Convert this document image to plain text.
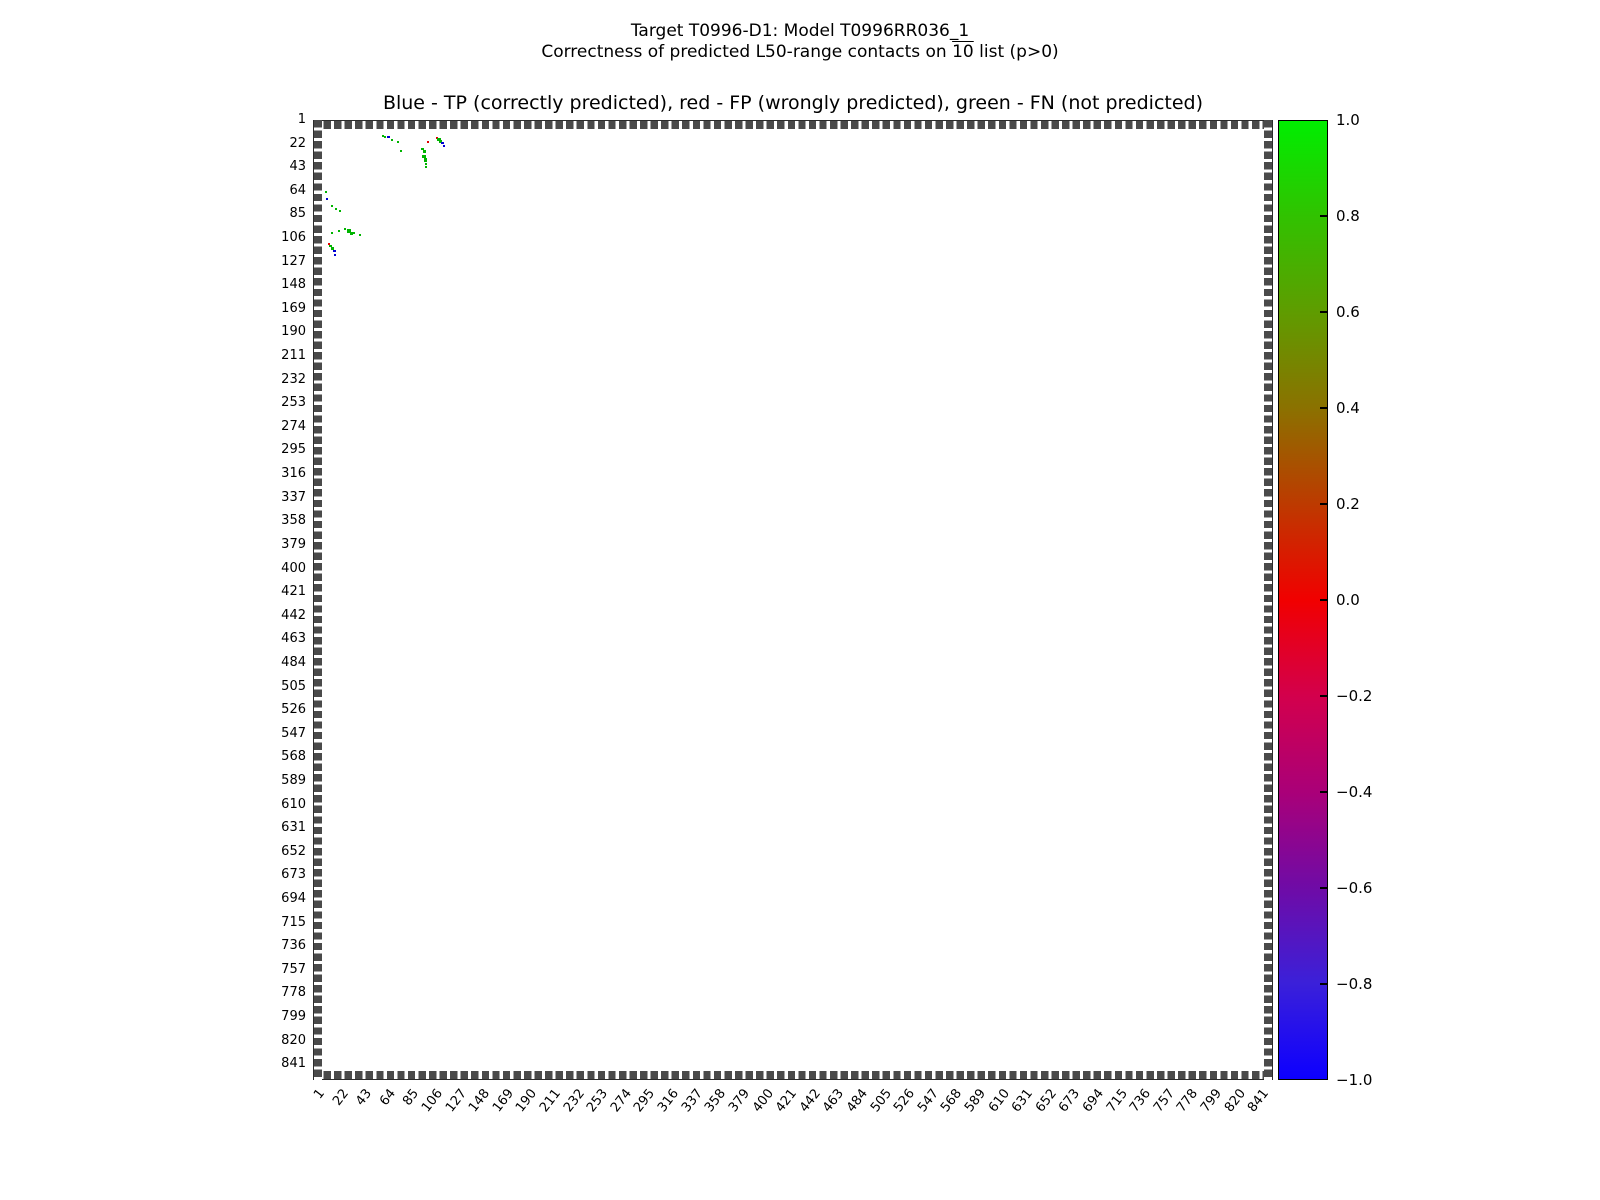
Target T0996-D1: Model T0996RR036_1
Correctness of predicted L50-range contacts on 10 list (p>0)
Blue - TP (correctly predicted), red - FP (wrongly predicted), green - FN (not predicted)
1
22
43
64
85
106
127
148
169
190
211
232
253
274
295
316
337
358
379
400
421
442
463
484
505
526
547
568
589
610
631
652
673
694
715
736
757
778
799
820
841
1 22 43 64 85
106
127
148
169
190
211
232
253
274
295
316
337
358
379
400
421
442
463
484
505
526
547
568
589
610
631
652
673
694
715
736
757
778
799
820
841
1.0
0.8
0.6
0.4
0.2
0.0
−0.2
−0.4
−0.6
−0.8
−1.0
